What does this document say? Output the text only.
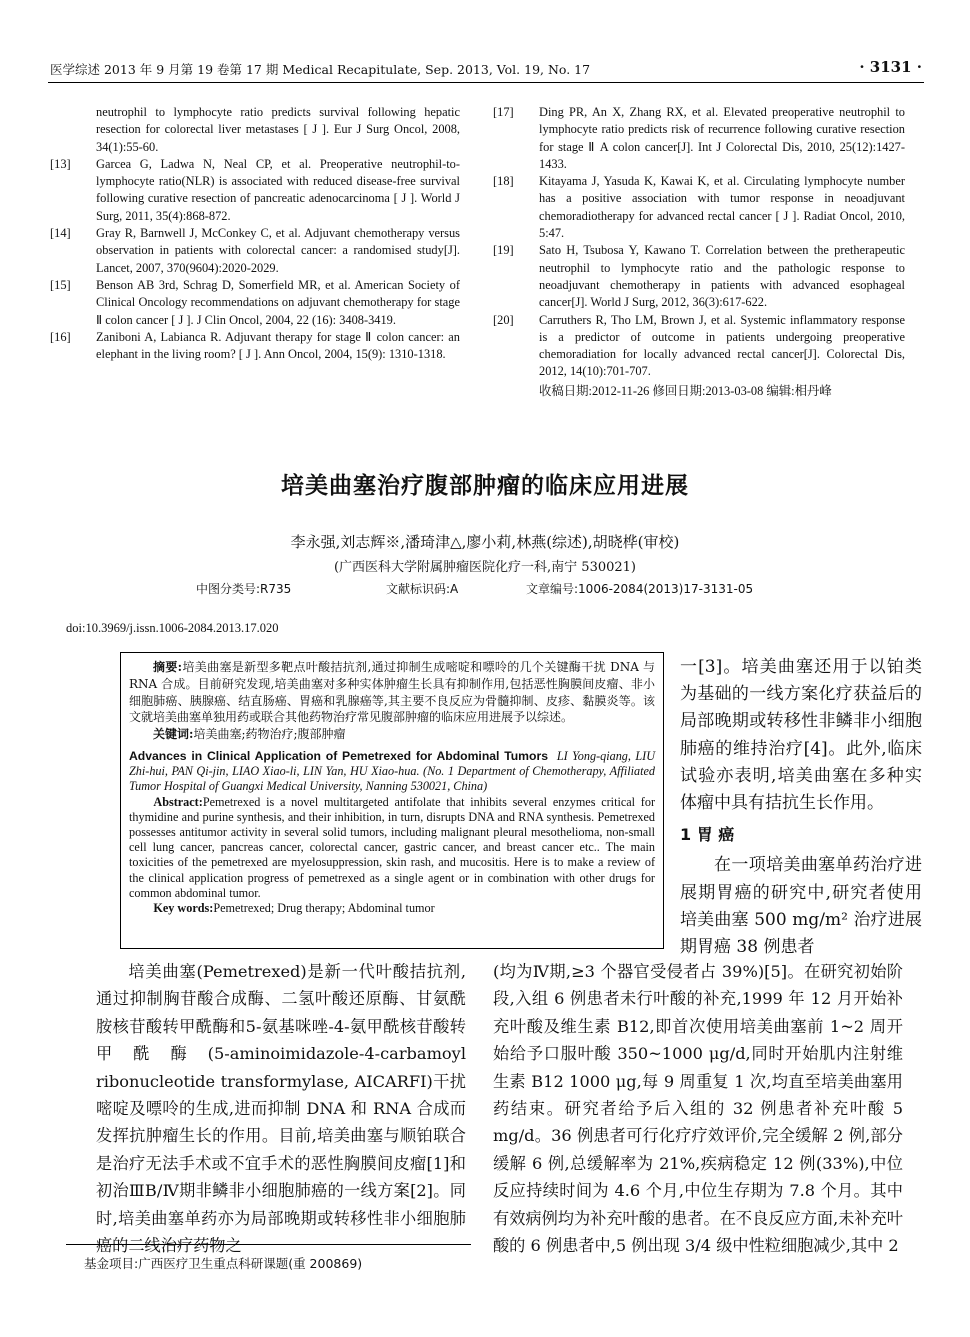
医学综述 2013 年 9 月第 19 卷第 17 期 Medical Recapitulate, Sep. 2013, Vol. 19, No. 17	· 3131 ·
neutrophil to lymphocyte ratio predicts survival following hepatic resection for colorectal liver metastases [ J ]. Eur J Surg Oncol, 2008, 34(1):55-60.
[13]	Garcea G, Ladwa N, Neal CP, et al. Preoperative neutrophil-to-lymphocyte ratio(NLR) is associated with reduced disease-free survival following curative resection of pancreatic adenocarcinoma [ J ]. World J Surg, 2011, 35(4):868-872.
[14]	Gray R, Barnwell J, McConkey C, et al. Adjuvant chemotherapy versus observation in patients with colorectal cancer: a randomised study[J]. Lancet, 2007, 370(9604):2020-2029.
[15]	Benson AB 3rd, Schrag D, Somerfield MR, et al. American Society of Clinical Oncology recommendations on adjuvant chemotherapy for stage Ⅱ colon cancer [ J ]. J Clin Oncol, 2004, 22 (16): 3408-3419.
[16]	Zaniboni A, Labianca R. Adjuvant therapy for stage Ⅱ colon cancer: an elephant in the living room? [ J ]. Ann Oncol, 2004, 15(9): 1310-1318.
[17]	Ding PR, An X, Zhang RX, et al. Elevated preoperative neutrophil to lymphocyte ratio predicts risk of recurrence following curative resection for stage Ⅱ A colon cancer[J]. Int J Colorectal Dis, 2010, 25(12):1427-1433.
[18]	Kitayama J, Yasuda K, Kawai K, et al. Circulating lymphocyte number has a positive association with tumor response in neoadjuvant chemoradiotherapy for advanced rectal cancer [ J ]. Radiat Oncol, 2010, 5:47.
[19]	Sato H, Tsubosa Y, Kawano T. Correlation between the pretherapeutic neutrophil to lymphocyte ratio and the pathologic response to neoadjuvant chemotherapy in patients with advanced esophageal cancer[J]. World J Surg, 2012, 36(3):617-622.
[20]	Carruthers R, Tho LM, Brown J, et al. Systemic inflammatory response is a predictor of outcome in patients undergoing preoperative chemoradiation for locally advanced rectal cancer[J]. Colorectal Dis, 2012, 14(10):701-707.
收稿日期:2012-11-26 修回日期:2013-03-08 编辑:相丹峰
培美曲塞治疗腹部肿瘤的临床应用进展
李永强,刘志辉※,潘琦津△,廖小莉,林燕(综述),胡晓桦(审校)
(广西医科大学附属肿瘤医院化疗一科,南宁 530021)
中图分类号:R735	文献标识码:A	文章编号:1006-2084(2013)17-3131-05
doi:10.3969/j.issn.1006-2084.2013.17.020
摘要:培美曲塞是新型多靶点叶酸拮抗剂,通过抑制生成嘧啶和嘌呤的几个关键酶干扰 DNA 与 RNA 合成。目前研究发现,培美曲塞对多种实体肿瘤生长具有抑制作用,包括恶性胸膜间皮瘤、非小细胞肺癌、胰腺癌、结直肠癌、胃癌和乳腺癌等,其主要不良反应为骨髓抑制、皮疹、黏膜炎等。该文就培美曲塞单独用药或联合其他药物治疗常见腹部肿瘤的临床应用进展予以综述。
关键词:培美曲塞;药物治疗;腹部肿瘤
Advances in Clinical Application of Pemetrexed for Abdominal Tumors LI Yong-qiang, LIU Zhi-hui, PAN Qi-jin, LIAO Xiao-li, LIN Yan, HU Xiao-hua. (No. 1 Department of Chemotherapy, Affiliated Tumor Hospital of Guangxi Medical University, Nanning 530021, China)
Abstract:Pemetrexed is a novel multitargeted antifolate that inhibits several enzymes critical for thymidine and purine synthesis, and their inhibition, in turn, disrupts DNA and RNA synthesis. Pemetrexed possesses antitumor activity in several solid tumors, including malignant pleural mesothelioma, non-small cell lung cancer, pancreas cancer, colorectal cancer, gastric cancer, and breast cancer etc.. The main toxicities of the pemetrexed are myelosuppression, skin rash, and mucositis. Here is to make a review of the clinical application progress of pemetrexed as a single agent or in combination with other drugs for common abdominal tumor.
Key words:Pemetrexed; Drug therapy; Abdominal tumor
一[3]。培美曲塞还用于以铂类为基础的一线方案化疗获益后的局部晚期或转移性非鳞非小细胞肺癌的维持治疗[4]。此外,临床试验亦表明,培美曲塞在多种实体瘤中具有拮抗生长作用。
1 胃 癌
在一项培美曲塞单药治疗进展期胃癌的研究中,研究者使用培美曲塞 500 mg/m² 治疗进展期胃癌 38 例患者
培美曲塞(Pemetrexed)是新一代叶酸拮抗剂,通过抑制胸苷酸合成酶、二氢叶酸还原酶、甘氨酰胺核苷酸转甲酰酶和5-氨基咪唑-4-氨甲酰核苷酸转甲酰酶(5-aminoimidazole-4-carbamoyl ribonucleotide transformylase, AICARFI)干扰嘧啶及嘌呤的生成,进而抑制 DNA 和 RNA 合成而发挥抗肿瘤生长的作用。目前,培美曲塞与顺铂联合是治疗无法手术或不宜手术的恶性胸膜间皮瘤[1]和初治ⅢB/Ⅳ期非鳞非小细胞肺癌的一线方案[2]。同时,培美曲塞单药亦为局部晚期或转移性非小细胞肺癌的二线治疗药物之
(均为Ⅳ期,≥3 个器官受侵者占 39%)[5]。在研究初始阶段,入组 6 例患者未行叶酸的补充,1999 年 12 月开始补充叶酸及维生素 B12,即首次使用培美曲塞前 1~2 周开始给予口服叶酸 350~1000 μg/d,同时开始肌内注射维生素 B12 1000 μg,每 9 周重复 1 次,均直至培美曲塞用药结束。研究者给予后入组的 32 例患者补充叶酸 5 mg/d。36 例患者可行化疗疗效评价,完全缓解 2 例,部分缓解 6 例,总缓解率为 21%,疾病稳定 12 例(33%),中位反应持续时间为 4.6 个月,中位生存期为 7.8 个月。其中有效病例均为补充叶酸的患者。在不良反应方面,未补充叶酸的 6 例患者中,5 例出现 3/4 级中性粒细胞减少,其中 2
基金项目:广西医疗卫生重点科研课题(重 200869)
